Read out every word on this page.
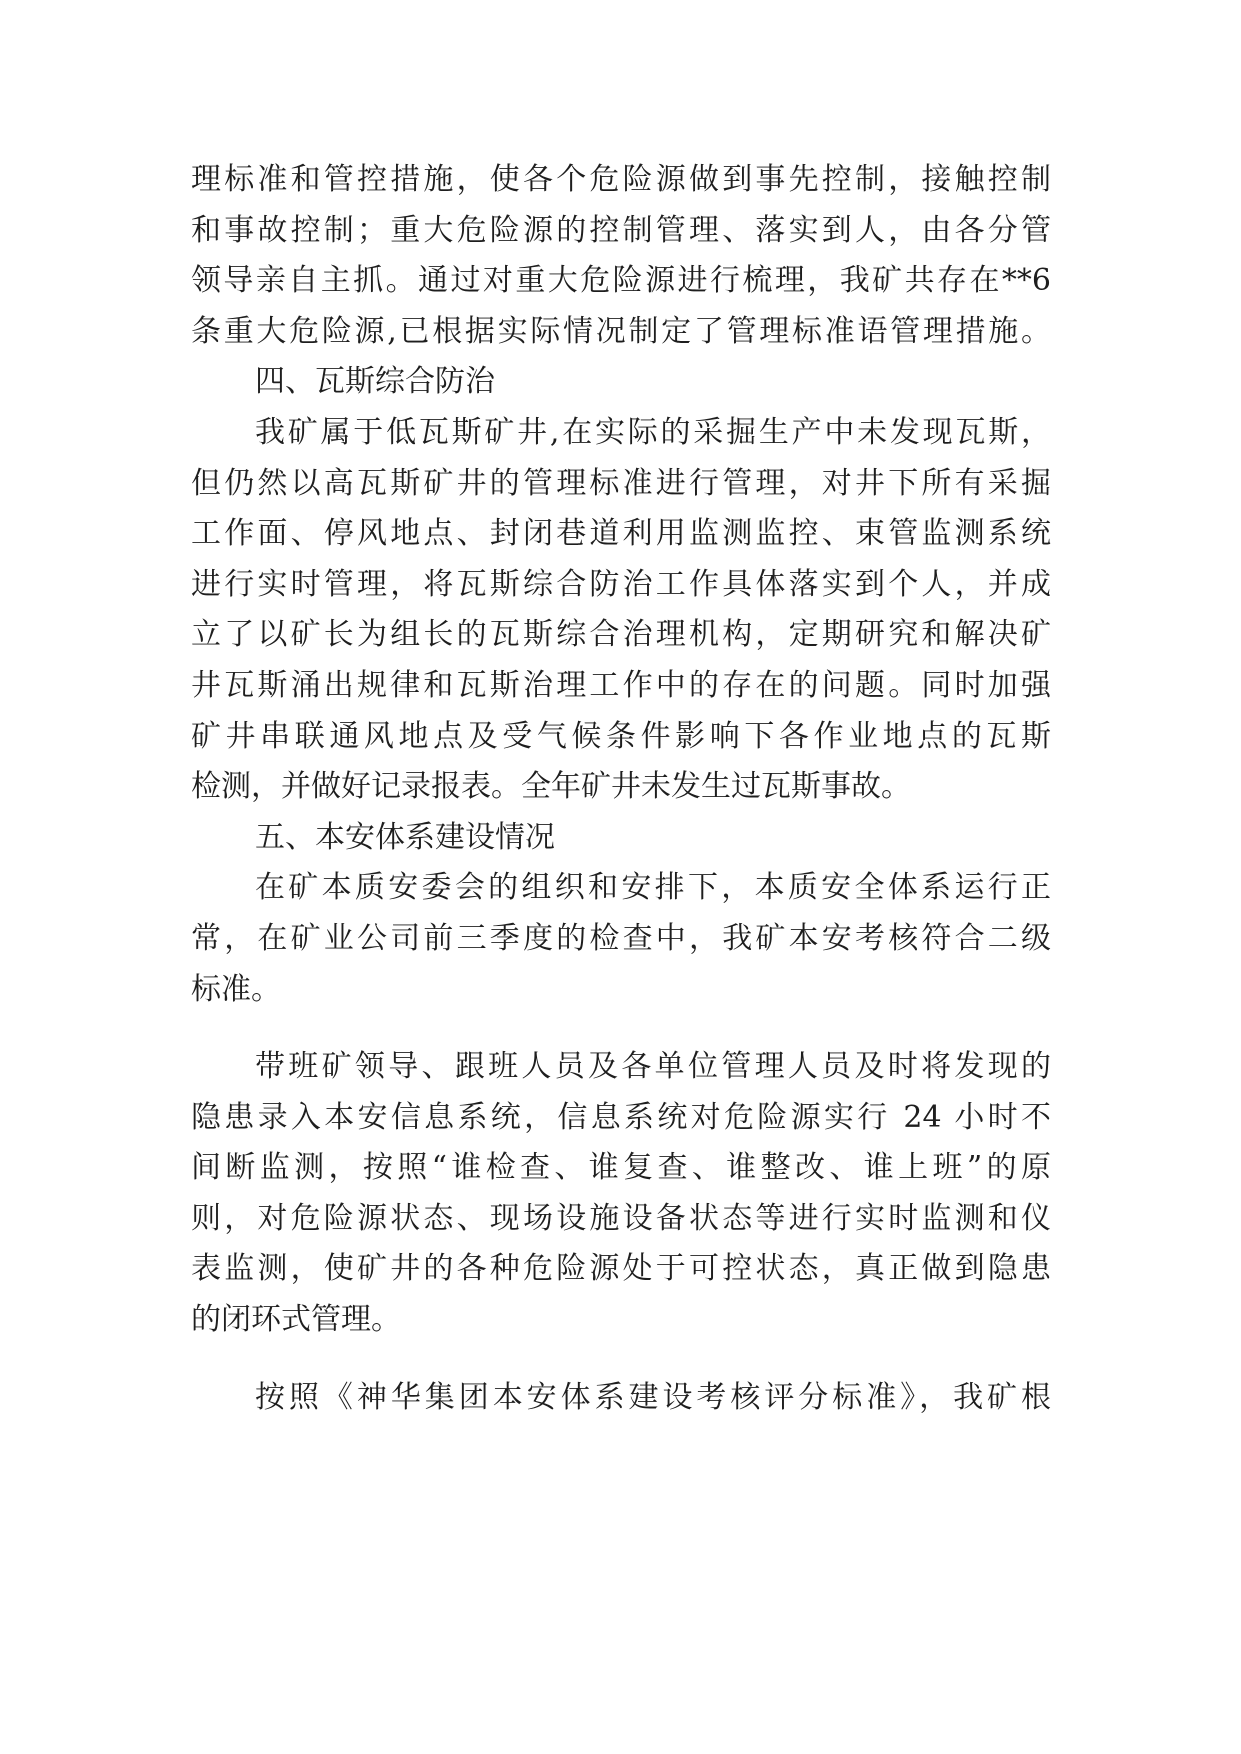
理标准和管控措施，使各个危险源做到事先控制，接触控制
和事故控制；重大危险源的控制管理、落实到人，由各分管
领导亲自主抓。通过对重大危险源进行梳理，我矿共存在**6
条重大危险源,已根据实际情况制定了管理标准语管理措施。
四、瓦斯综合防治
我矿属于低瓦斯矿井,在实际的采掘生产中未发现瓦斯，
但仍然以高瓦斯矿井的管理标准进行管理，对井下所有采掘
工作面、停风地点、封闭巷道利用监测监控、束管监测系统
进行实时管理，将瓦斯综合防治工作具体落实到个人，并成
立了以矿长为组长的瓦斯综合治理机构，定期研究和解决矿
井瓦斯涌出规律和瓦斯治理工作中的存在的问题。同时加强
矿井串联通风地点及受气候条件影响下各作业地点的瓦斯
检测，并做好记录报表。全年矿井未发生过瓦斯事故。
五、本安体系建设情况
在矿本质安委会的组织和安排下，本质安全体系运行正
常，在矿业公司前三季度的检查中，我矿本安考核符合二级
标准。
带班矿领导、跟班人员及各单位管理人员及时将发现的
隐患录入本安信息系统，信息系统对危险源实行 24 小时不
间断监测，按照“谁检查、谁复查、谁整改、谁上班”的原
则，对危险源状态、现场设施设备状态等进行实时监测和仪
表监测，使矿井的各种危险源处于可控状态，真正做到隐患
的闭环式管理。
按照《神华集团本安体系建设考核评分标准》，我矿根
